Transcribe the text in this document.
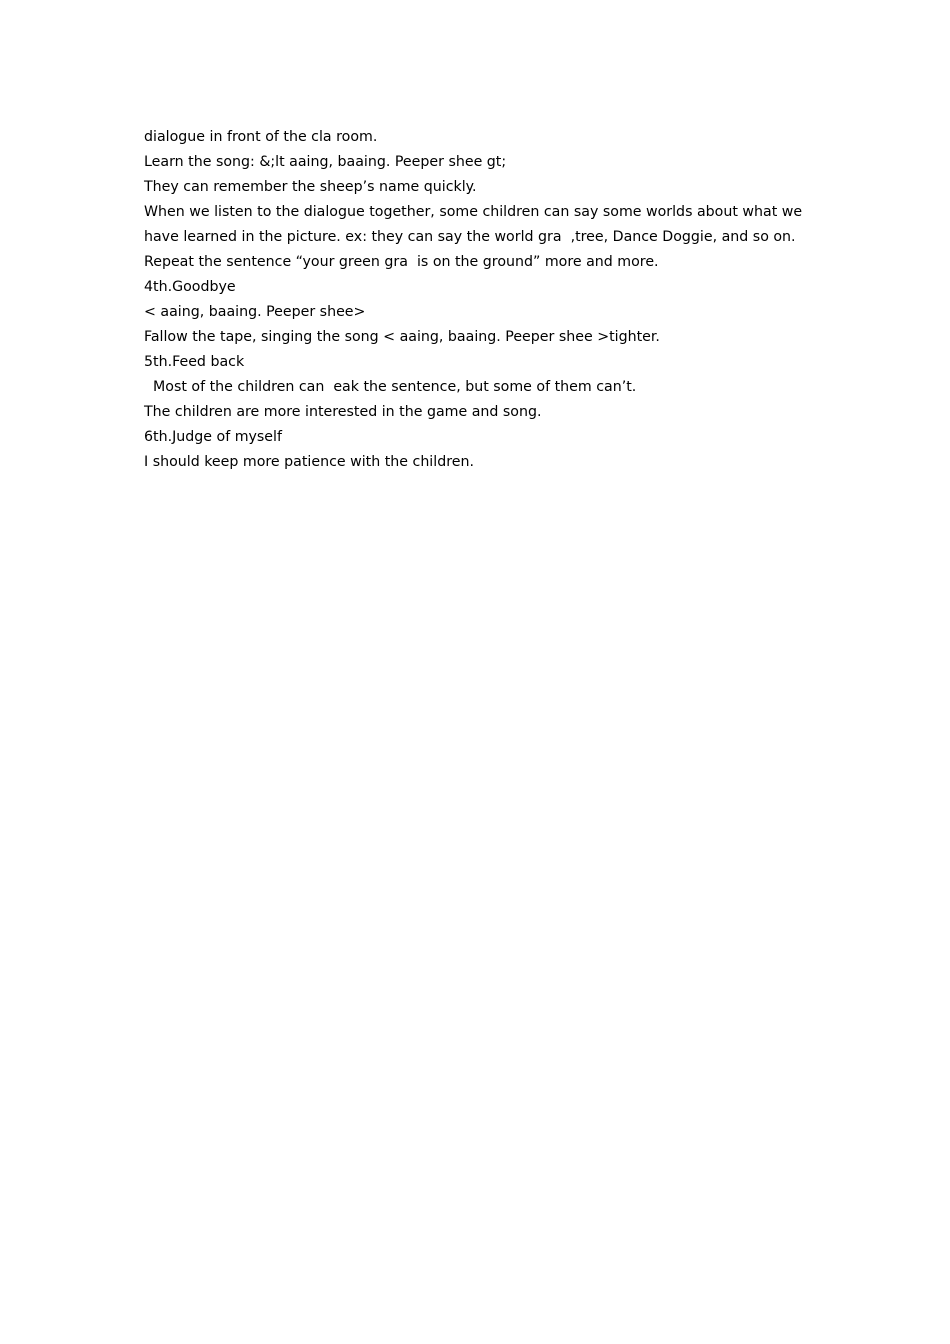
dialogue in front of the cla room.

Learn the song: &;lt aaing, baaing. Peeper shee gt;

They can remember the sheep’s name quickly.

When we listen to the dialogue together, some children can say some worlds about what we have learned in the picture. ex: they can say the world gra  ,tree, Dance Doggie, and so on.

Repeat the sentence “your green gra  is on the ground” more and more.

4th.Goodbye

< aaing, baaing. Peeper shee>

Fallow the tape, singing the song < aaing, baaing. Peeper shee >tighter.

5th.Feed back

Most of the children can  eak the sentence, but some of them can’t.

The children are more interested in the game and song.

6th.Judge of myself

I should keep more patience with the children.
